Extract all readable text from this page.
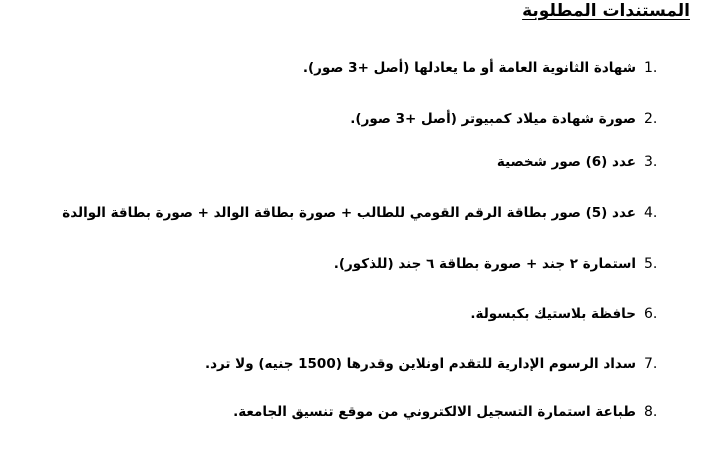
المستندات المطلوبة
شهادة الثانوية العامة أو ما يعادلها (أصل +3 صور). 1.
صورة شهادة ميلاد كمبيوتر (أصل +3 صور). 2.
عدد (6) صور شخصية 3.
عدد (5) صور بطاقة الرقم القومي للطالب + صورة بطاقة الوالد + صورة بطاقة الوالدة 4.
استمارة ٢ جند + صورة بطاقة ٦ جند (للذكور). 5.
حافظة بلاستيك بكبسولة. 6.
سداد الرسوم الإدارية للتقدم اونلاين وقدرها (1500 جنيه) ولا ترد. 7.
طباعة استمارة التسجيل الالكتروني من موقع تنسيق الجامعة. 8.
